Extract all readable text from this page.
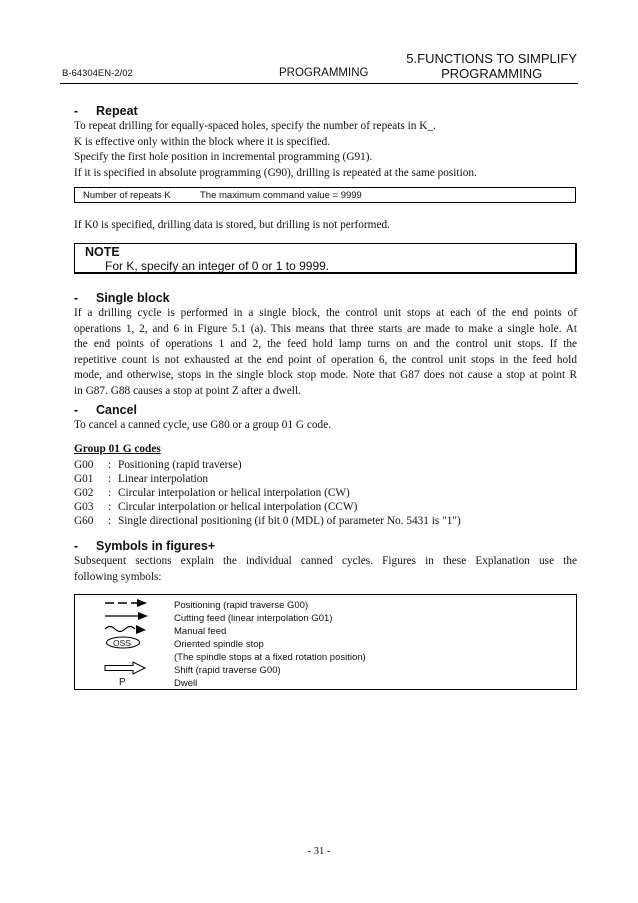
5.FUNCTIONS TO SIMPLIFY
PROGRAMMING
B-64304EN-2/02	PROGRAMMING
- Repeat
To repeat drilling for equally-spaced holes, specify the number of repeats in K_.
K is effective only within the block where it is specified.
Specify the first hole position in incremental programming (G91).
If it is specified in absolute programming (G90), drilling is repeated at the same position.
Number of repeats K	The maximum command value = 9999
If K0 is specified, drilling data is stored, but drilling is not performed.
NOTE
For K, specify an integer of 0 or 1 to 9999.
- Single block
If a drilling cycle is performed in a single block, the control unit stops at each of the end points of
operations 1, 2, and 6 in Figure 5.1 (a). This means that three starts are made to make a single hole. At
the end points of operations 1 and 2, the feed hold lamp turns on and the control unit stops. If the
repetitive count is not exhausted at the end point of operation 6, the control unit stops in the feed hold
mode, and otherwise, stops in the single block stop mode. Note that G87 does not cause a stop at point R
in G87. G88 causes a stop at point Z after a dwell.
- Cancel
To cancel a canned cycle, use G80 or a group 01 G code.
Group 01 G codes
G00 : Positioning (rapid traverse)
G01 : Linear interpolation
G02 : Circular interpolation or helical interpolation (CW)
G03 : Circular interpolation or helical interpolation (CCW)
G60 : Single directional positioning (if bit 0 (MDL) of parameter No. 5431 is "1")
- Symbols in figures+
Subsequent sections explain the individual canned cycles. Figures in these Explanation use the
following symbols:
Positioning (rapid traverse G00)
Cutting feed (linear interpolation G01)
Manual feed
OSS	Oriented spindle stop
(The spindle stops at a fixed rotation position)
Shift (rapid traverse G00)
P	Dwell
- 31 -
